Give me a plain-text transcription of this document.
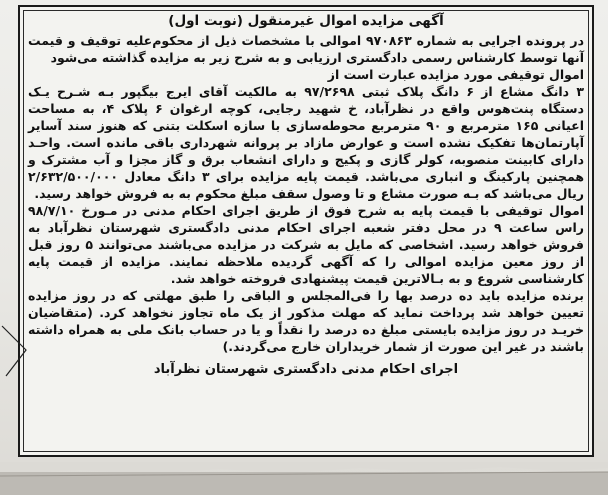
آگهی مزایده اموال غیرمنقول (نوبت اول)

در پرونده اجرایی به شماره ۹۷۰۸۶۳ اموالی با مشخصات ذیل از محکوم‌علیه توقیف و قیمت آنها توسط کارشناس رسمی دادگستری ارزیابی و به شرح زیر به مزایده گذاشته می‌شود

اموال توقیفی مورد مزایده عبارت است از

۳ دانگ مشاع از ۶ دانگ پلاک ثبتی ۹۷/۲۶۹۸ به مالکیت آقای ایرج بیگپور بـه شـرح یـک دستگاه پنت‌هوس واقع در نظرآباد، خ شهید رجایی، کوچه ارغوان ۶ پلاک ۴، به مساحت اعیانی ۱۶۵ مترمربع و ۹۰ مترمربع محوطه‌سازی با سازه اسکلت بتنی که هنوز سند آسایر آپارتمان‌ها تفکیک نشده است و عوارض مازاد بر پروانه شهرداری باقی مانده است. واحـد دارای کابینت منصوبه، کولر گازی و پکیج و دارای انشعاب برق و گاز مجزا و آب مشترک و همچنین پارکینگ و انباری می‌باشد. قیمت پایه مزایده برای ۳ دانگ معادل ۲/۶۳۲/۵۰۰/۰۰۰ ریال می‌باشد که بـه صورت مشاع و تا وصول سقف مبلغ محکوم به به فروش خواهد رسید.

اموال توقیفی با قیمت پایه به شرح فوق از طریق اجرای احکام مدنی در مـورخ ۹۸/۷/۱۰ راس ساعت ۹ در محل دفتر شعبه اجرای احکام مدنی دادگستری شهرستان نظرآباد به فروش خواهد رسید. اشخاصی که مایل به شرکت در مزایده می‌باشند می‌توانند ۵ روز قبل از روز معین مزایده اموالی را که آگهی گردیده ملاحظه نمایند. مزایده از قیمت پایه کارشناسی شروع و به بـالاترین قیمت پیشنهادی فروخته خواهد شد.

برنده مزایده باید ده درصد بها را فی‌المجلس و الباقی را طبق مهلتی که در روز مزایده تعیین خواهد شد پرداخت نماید که مهلت مذکور از یک ماه تجاوز نخواهد کرد. (متقاضیان خریـد در روز مزایده بایستی مبلغ ده درصد را نقداً و یا در حساب بانک ملی به همراه داشته باشند در غیر این صورت از شمار خریداران خارج می‌گردند.)

اجرای احکام مدنی دادگستری شهرستان نظرآباد
